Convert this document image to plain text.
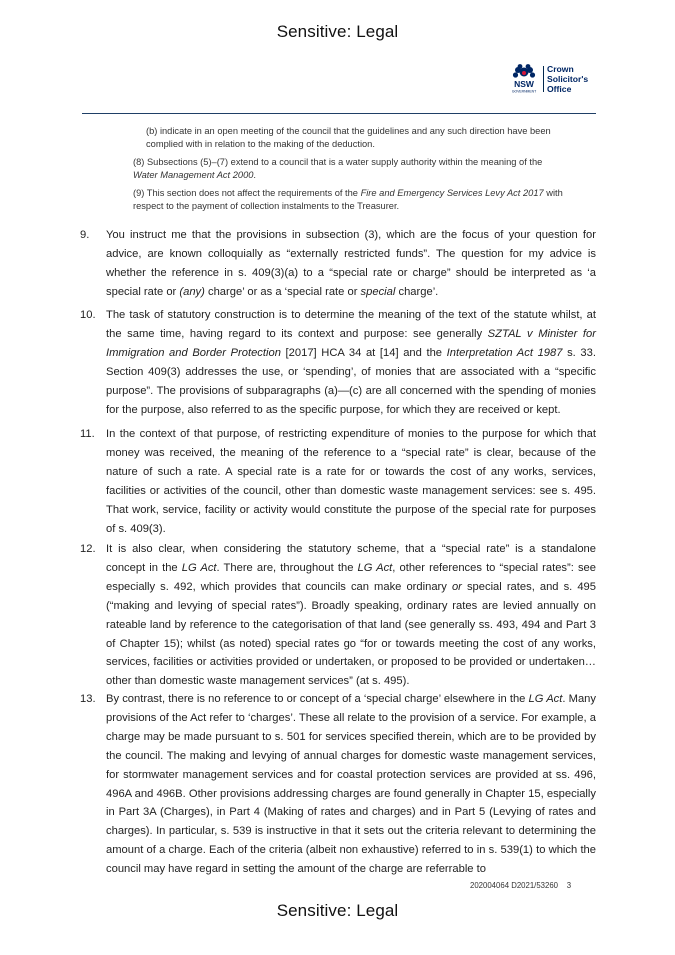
Sensitive: Legal
NSW
GOVERNMENT
Crown
Solicitor's
Office
(b) indicate in an open meeting of the council that the guidelines and any such direction have been complied with in relation to the making of the deduction.
(8) Subsections (5)–(7) extend to a council that is a water supply authority within the meaning of the Water Management Act 2000.
(9) This section does not affect the requirements of the Fire and Emergency Services Levy Act 2017 with respect to the payment of collection instalments to the Treasurer.
9. You instruct me that the provisions in subsection (3), which are the focus of your question for advice, are known colloquially as “externally restricted funds”. The question for my advice is whether the reference in s. 409(3)(a) to a “special rate or charge” should be interpreted as ‘a special rate or (any) charge’ or as a ‘special rate or special charge’.
10. The task of statutory construction is to determine the meaning of the text of the statute whilst, at the same time, having regard to its context and purpose: see generally SZTAL v Minister for Immigration and Border Protection [2017] HCA 34 at [14] and the Interpretation Act 1987 s. 33. Section 409(3) addresses the use, or ‘spending’, of monies that are associated with a “specific purpose”. The provisions of subparagraphs (a)—(c) are all concerned with the spending of monies for the purpose, also referred to as the specific purpose, for which they are received or kept.
11. In the context of that purpose, of restricting expenditure of monies to the purpose for which that money was received, the meaning of the reference to a “special rate” is clear, because of the nature of such a rate. A special rate is a rate for or towards the cost of any works, services, facilities or activities of the council, other than domestic waste management services: see s. 495. That work, service, facility or activity would constitute the purpose of the special rate for purposes of s. 409(3).
12. It is also clear, when considering the statutory scheme, that a “special rate” is a standalone concept in the LG Act. There are, throughout the LG Act, other references to “special rates”: see especially s. 492, which provides that councils can make ordinary or special rates, and s. 495 (“making and levying of special rates”). Broadly speaking, ordinary rates are levied annually on rateable land by reference to the categorisation of that land (see generally ss. 493, 494 and Part 3 of Chapter 15); whilst (as noted) special rates go “for or towards meeting the cost of any works, services, facilities or activities provided or undertaken, or proposed to be provided or undertaken… other than domestic waste management services” (at s. 495).
13. By contrast, there is no reference to or concept of a ‘special charge’ elsewhere in the LG Act. Many provisions of the Act refer to ‘charges’. These all relate to the provision of a service. For example, a charge may be made pursuant to s. 501 for services specified therein, which are to be provided by the council. The making and levying of annual charges for domestic waste management services, for stormwater management services and for coastal protection services are provided at ss. 496, 496A and 496B. Other provisions addressing charges are found generally in Chapter 15, especially in Part 3A (Charges), in Part 4 (Making of rates and charges) and in Part 5 (Levying of rates and charges). In particular, s. 539 is instructive in that it sets out the criteria relevant to determining the amount of a charge. Each of the criteria (albeit non exhaustive) referred to in s. 539(1) to which the council may have regard in setting the amount of the charge are referrable to
202004064 D2021/53260 3
Sensitive: Legal
